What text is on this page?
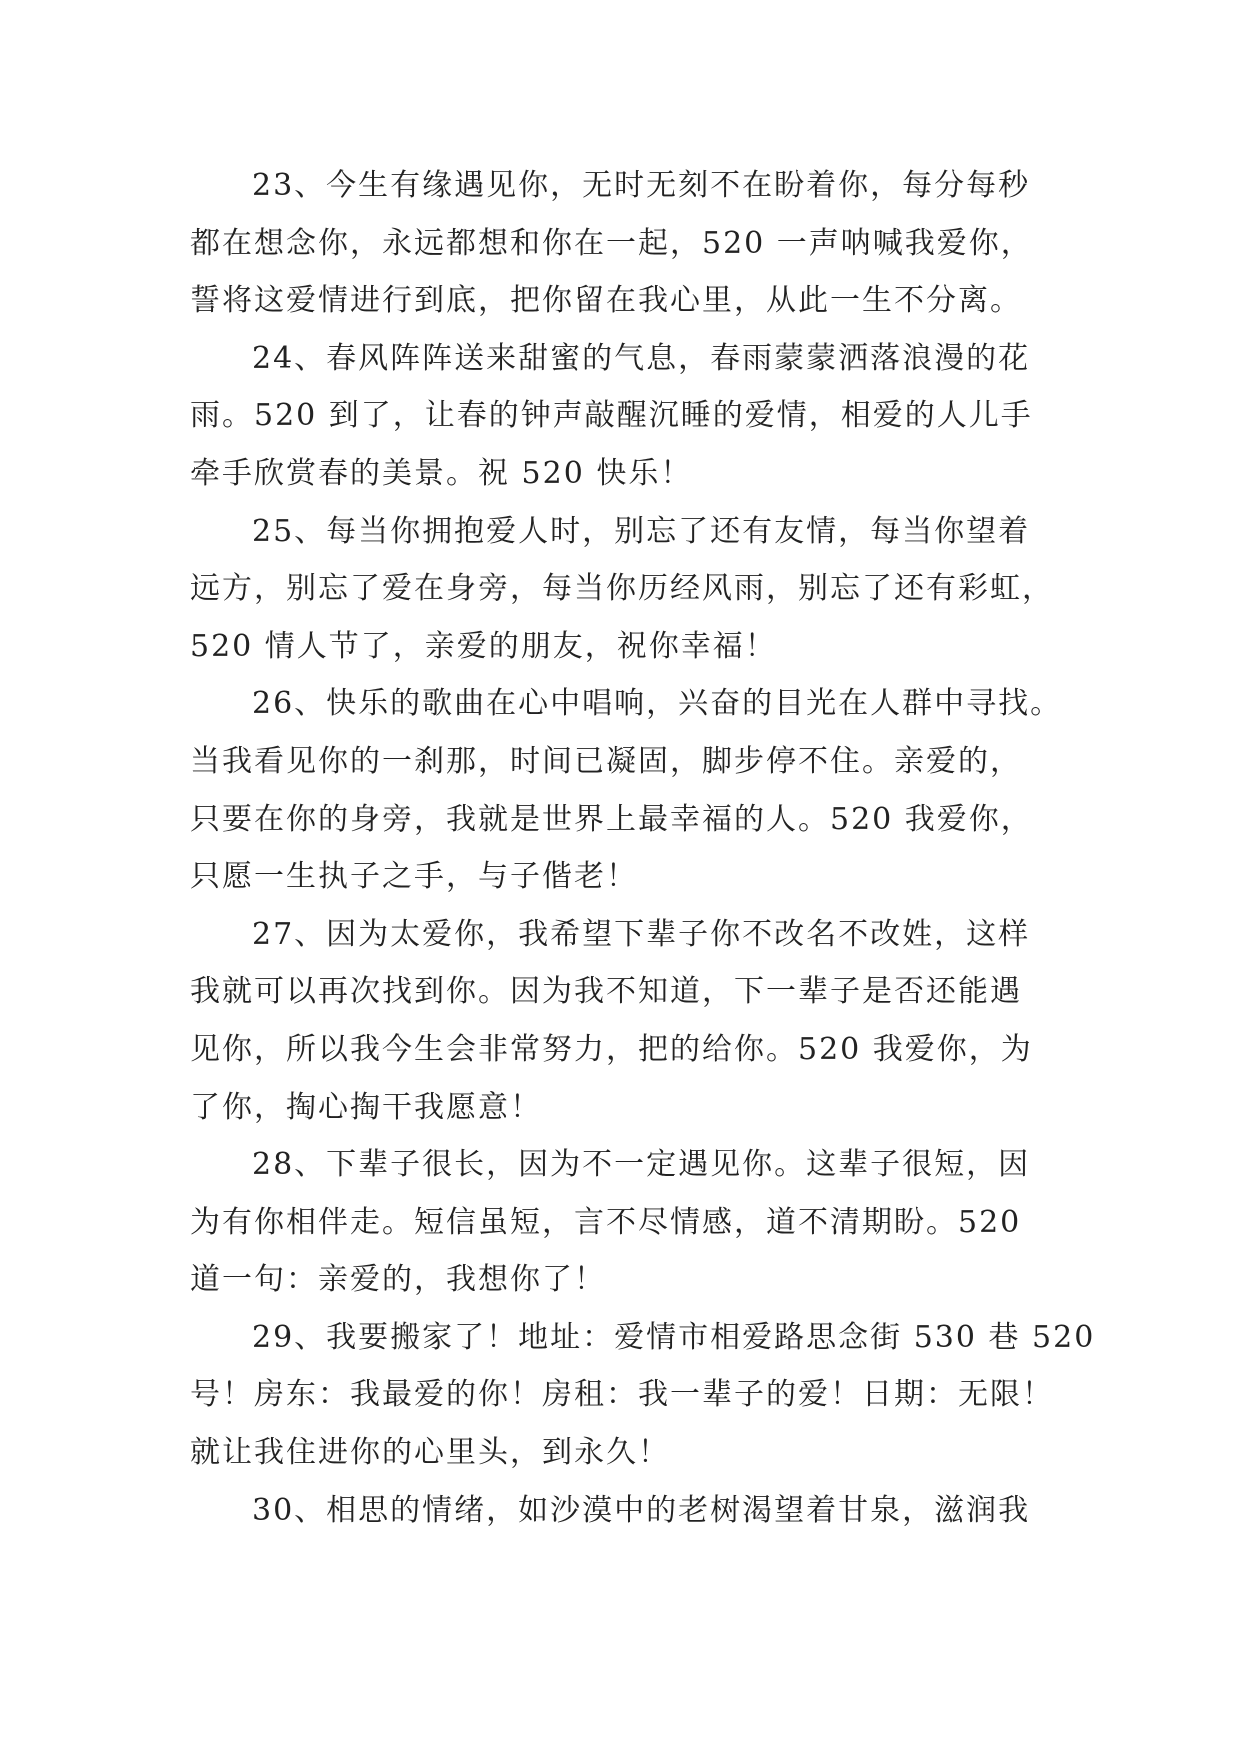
23、今生有缘遇见你，无时无刻不在盼着你，每分每秒
都在想念你，永远都想和你在一起，520 一声呐喊我爱你，
誓将这爱情进行到底，把你留在我心里，从此一生不分离。
24、春风阵阵送来甜蜜的气息，春雨蒙蒙洒落浪漫的花
雨。520 到了，让春的钟声敲醒沉睡的爱情，相爱的人儿手
牵手欣赏春的美景。祝 520 快乐！
25、每当你拥抱爱人时，别忘了还有友情，每当你望着
远方，别忘了爱在身旁，每当你历经风雨，别忘了还有彩虹，
520 情人节了，亲爱的朋友，祝你幸福！
26、快乐的歌曲在心中唱响，兴奋的目光在人群中寻找。
当我看见你的一刹那，时间已凝固，脚步停不住。亲爱的，
只要在你的身旁，我就是世界上最幸福的人。520 我爱你，
只愿一生执子之手，与子偕老！
27、因为太爱你，我希望下辈子你不改名不改姓，这样
我就可以再次找到你。因为我不知道，下一辈子是否还能遇
见你，所以我今生会非常努力，把的给你。520 我爱你，为
了你，掏心掏干我愿意！
28、下辈子很长，因为不一定遇见你。这辈子很短，因
为有你相伴走。短信虽短，言不尽情感，道不清期盼。520
道一句：亲爱的，我想你了！
29、我要搬家了！地址：爱情市相爱路思念街 530 巷 520
号！房东：我最爱的你！房租：我一辈子的爱！日期：无限！
就让我住进你的心里头，到永久！
30、相思的情绪，如沙漠中的老树渴望着甘泉，滋润我
